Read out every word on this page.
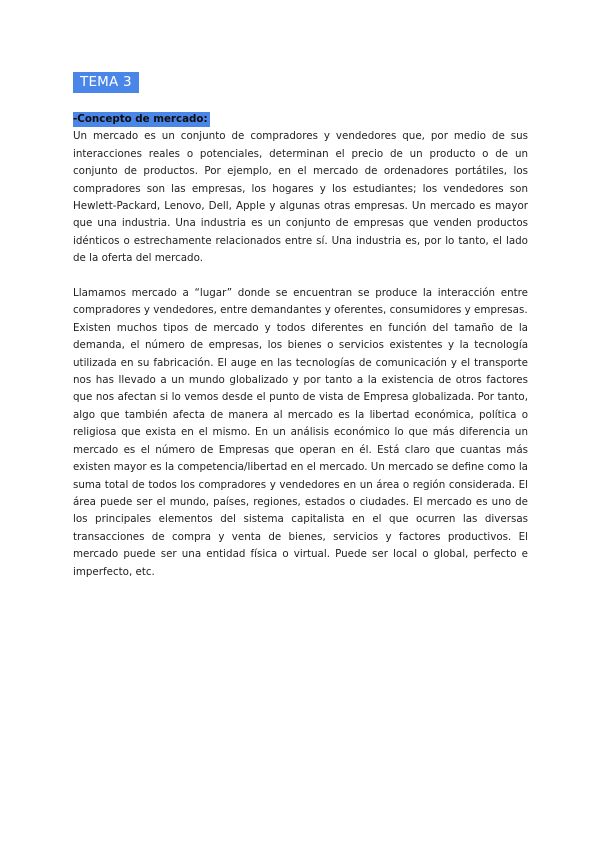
TEMA 3
-Concepto de mercado:

Un mercado es un conjunto de compradores y vendedores que, por medio de sus interacciones reales o potenciales, determinan el precio de un producto o de un conjunto de productos. Por ejemplo, en el mercado de ordenadores portátiles, los compradores son las empresas, los hogares y los estudiantes; los vendedores son Hewlett-Packard, Lenovo, Dell, Apple y algunas otras empresas. Un mercado es mayor que una industria. Una industria es un conjunto de empresas que venden productos idénticos o estrechamente relacionados entre sí. Una industria es, por lo tanto, el lado de la oferta del mercado.

Llamamos mercado a “lugar” donde se encuentran se produce la interacción entre compradores y vendedores, entre demandantes y oferentes, consumidores y empresas.

Existen muchos tipos de mercado y todos diferentes en función del tamaño de la demanda, el número de empresas, los bienes o servicios existentes y la tecnología utilizada en su fabricación. El auge en las tecnologías de comunicación y el transporte nos has llevado a un mundo globalizado y por tanto a la existencia de otros factores que nos afectan si lo vemos desde el punto de vista de Empresa globalizada. Por tanto, algo que también afecta de manera al mercado es la libertad económica, política o religiosa que exista en el mismo. En un análisis económico lo que más diferencia un mercado es el número de Empresas que operan en él. Está claro que cuantas más existen mayor es la competencia/libertad en el mercado. Un mercado se define como la suma total de todos los compradores y vendedores en un área o región considerada. El área puede ser el mundo, países, regiones, estados o ciudades. El mercado es uno de los principales elementos del sistema capitalista en el que ocurren las diversas transacciones de compra y venta de bienes, servicios y factores productivos. El mercado puede ser una entidad física o virtual. Puede ser local o global, perfecto e imperfecto, etc.
